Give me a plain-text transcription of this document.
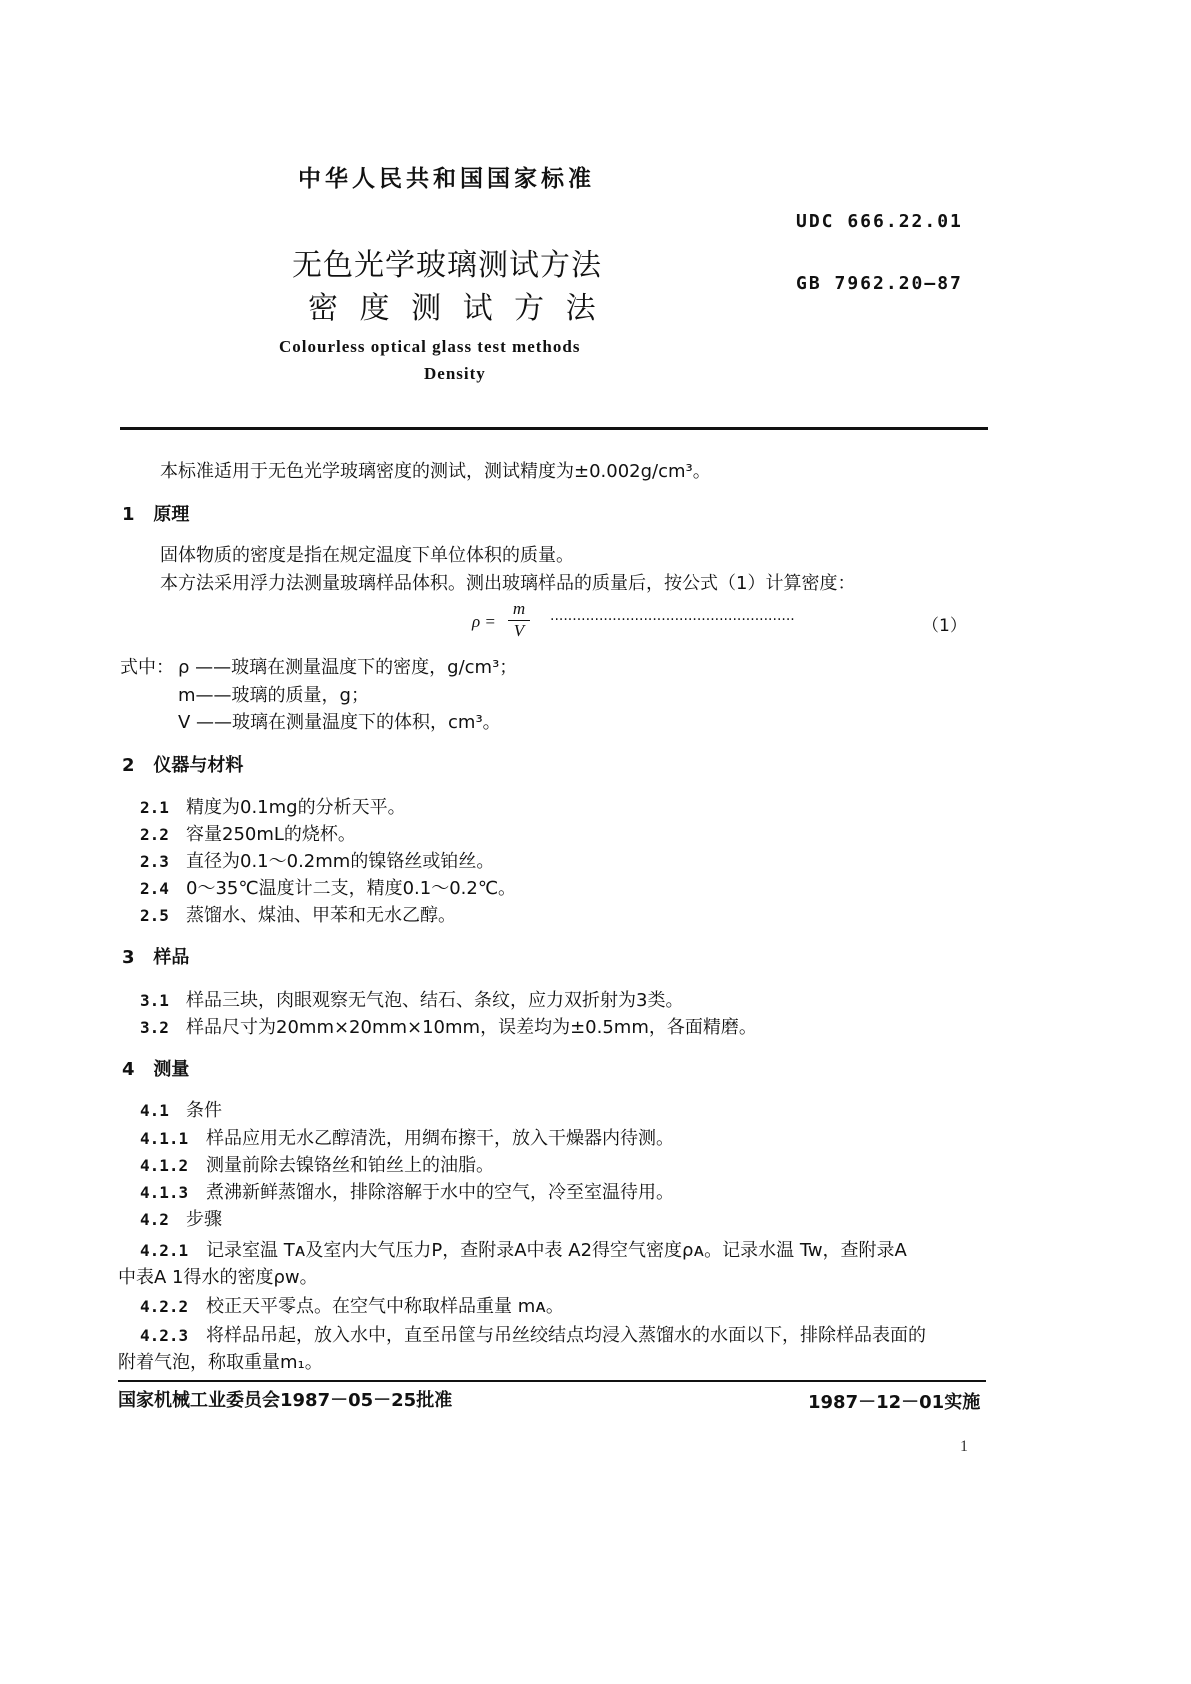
中华人民共和国国家标准
UDC 666.22.01
GB 7962.20—87
无色光学玻璃测试方法
密 度 测 试 方 法
Colourless optical glass test methods
Density
本标准适用于无色光学玻璃密度的测试，测试精度为±0.002g/cm³。
1 原理
固体物质的密度是指在规定温度下单位体积的质量。
本方法采用浮力法测量玻璃样品体积。测出玻璃样品的质量后，按公式（1）计算密度：
ρ =
m
V
·······················································	（1）
式中： ρ ——玻璃在测量温度下的密度，g/cm³；
m——玻璃的质量，g；
V ——玻璃在测量温度下的体积，cm³。
2 仪器与材料
2.1 精度为0.1mg的分析天平。
2.2 容量250mL的烧杯。
2.3 直径为0.1～0.2mm的镍铬丝或铂丝。
2.4 0～35℃温度计二支，精度0.1～0.2℃。
2.5 蒸馏水、煤油、甲苯和无水乙醇。
3 样品
3.1 样品三块，肉眼观察无气泡、结石、条纹，应力双折射为3类。
3.2 样品尺寸为20mm×20mm×10mm，误差均为±0.5mm，各面精磨。
4 测量
4.1 条件
4.1.1 样品应用无水乙醇清洗，用绸布擦干，放入干燥器内待测。
4.1.2 测量前除去镍铬丝和铂丝上的油脂。
4.1.3 煮沸新鲜蒸馏水，排除溶解于水中的空气，冷至室温待用。
4.2 步骤
4.2.1 记录室温 Tᴀ及室内大气压力P，查附录A中表 A2得空气密度ρᴀ。记录水温 Tw，查附录A
中表A 1得水的密度ρw。
4.2.2 校正天平零点。在空气中称取样品重量 mᴀ。
4.2.3 将样品吊起，放入水中，直至吊筐与吊丝绞结点均浸入蒸馏水的水面以下，排除样品表面的
附着气泡，称取重量m₁。
国家机械工业委员会1987－05－25批准	1987－12－01实施
1
